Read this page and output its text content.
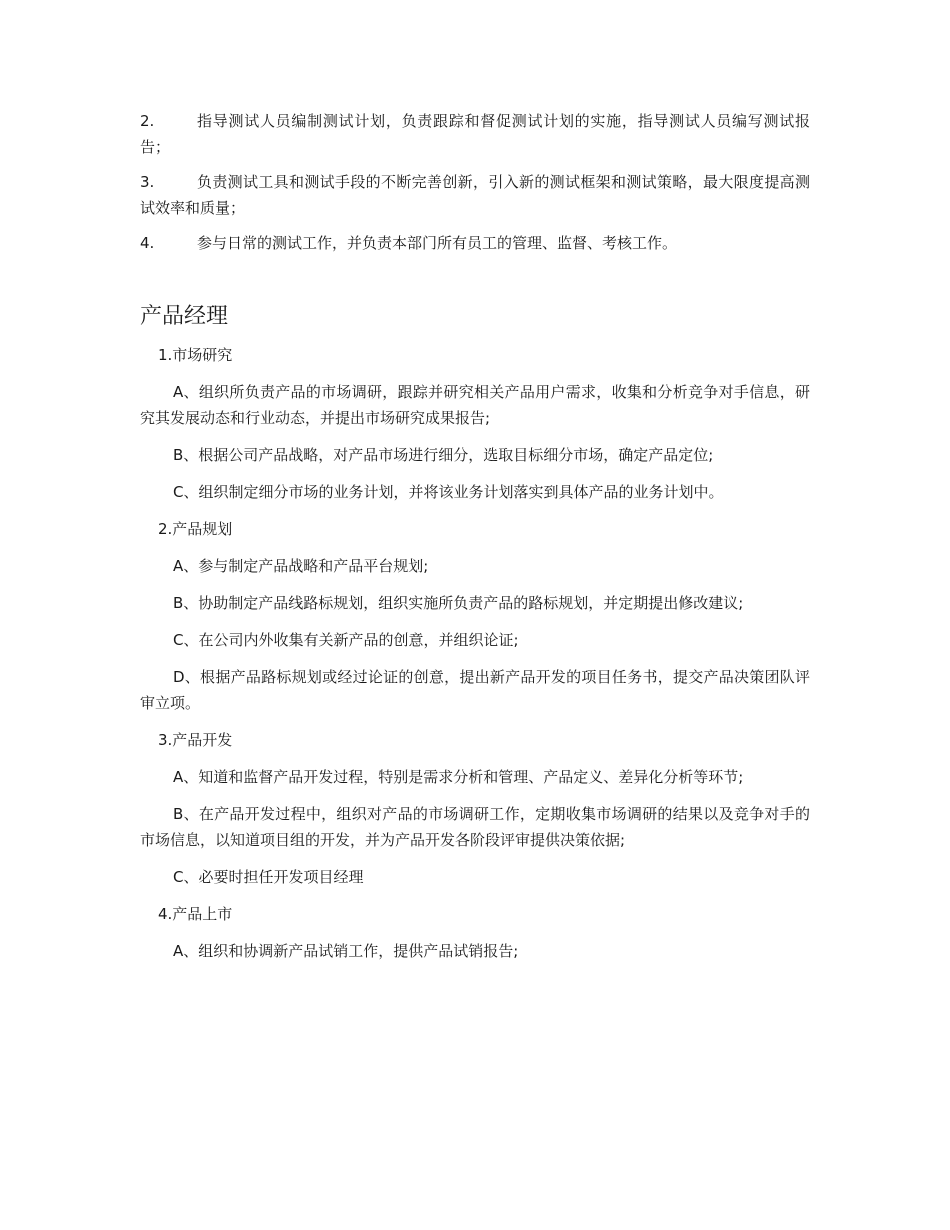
2.	指导测试人员编制测试计划，负责跟踪和督促测试计划的实施，指导测试人员编写测试报告；
3.	负责测试工具和测试手段的不断完善创新，引入新的测试框架和测试策略，最大限度提高测试效率和质量；
4.	参与日常的测试工作，并负责本部门所有员工的管理、监督、考核工作。
产品经理
1.市场研究

A、组织所负责产品的市场调研，跟踪并研究相关产品用户需求，收集和分析竞争对手信息，研究其发展动态和行业动态，并提出市场研究成果报告;

B、根据公司产品战略，对产品市场进行细分，选取目标细分市场，确定产品定位;

C、组织制定细分市场的业务计划，并将该业务计划落实到具体产品的业务计划中。

2.产品规划

A、参与制定产品战略和产品平台规划;

B、协助制定产品线路标规划，组织实施所负责产品的路标规划，并定期提出修改建议;

C、在公司内外收集有关新产品的创意，并组织论证;

D、根据产品路标规划或经过论证的创意，提出新产品开发的项目任务书，提交产品决策团队评审立项。

3.产品开发

A、知道和监督产品开发过程，特别是需求分析和管理、产品定义、差异化分析等环节;

B、在产品开发过程中，组织对产品的市场调研工作，定期收集市场调研的结果以及竞争对手的市场信息，以知道项目组的开发，并为产品开发各阶段评审提供决策依据;

C、必要时担任开发项目经理

4.产品上市

A、组织和协调新产品试销工作，提供产品试销报告;
